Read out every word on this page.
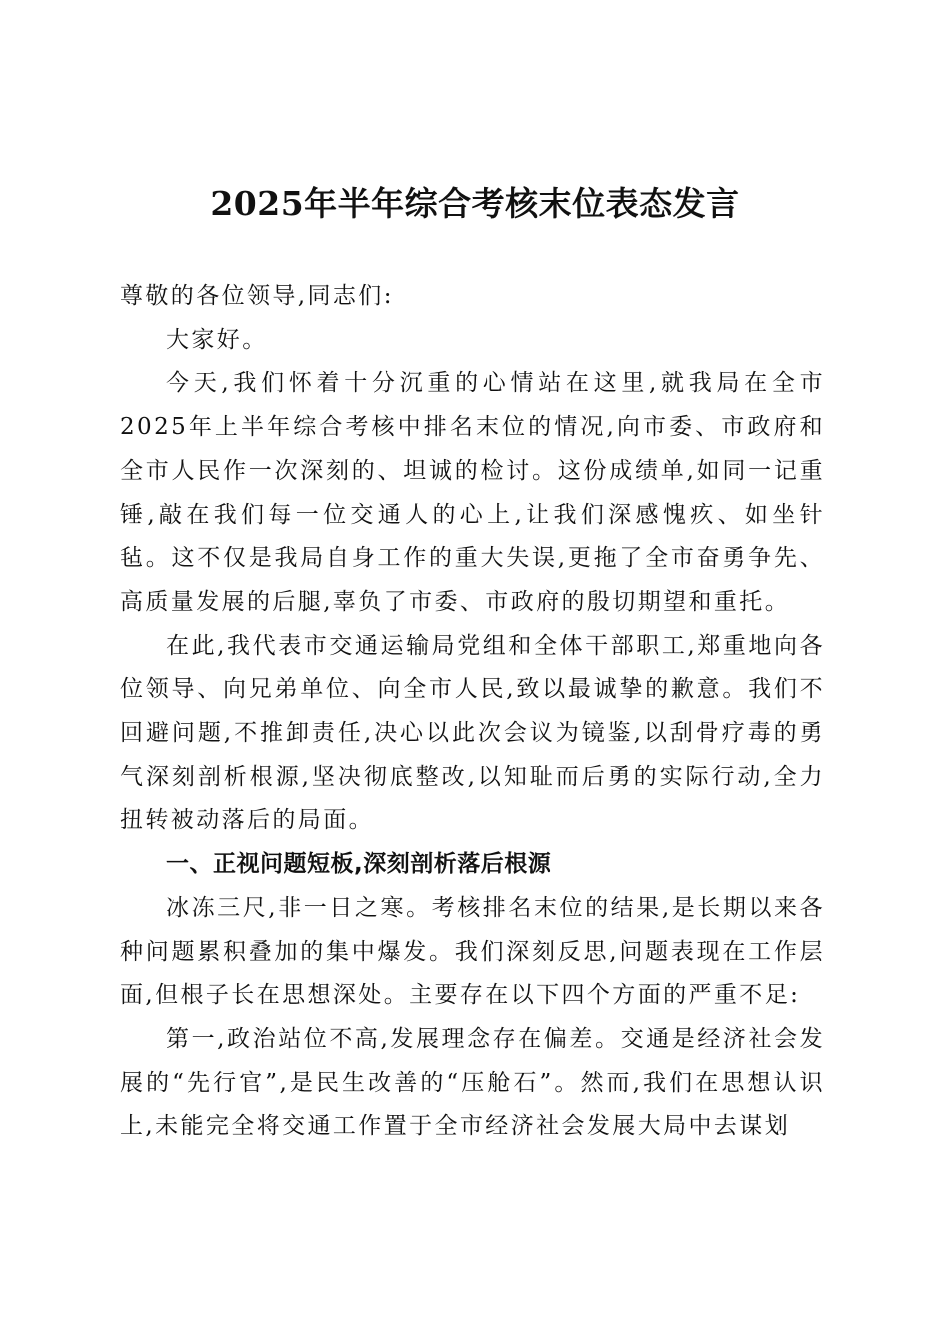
2025年半年综合考核末位表态发言

尊敬的各位领导,同志们:

大家好。

今天,我们怀着十分沉重的心情站在这里,就我局在全市2025年上半年综合考核中排名末位的情况,向市委、市政府和全市人民作一次深刻的、坦诚的检讨。这份成绩单,如同一记重锤,敲在我们每一位交通人的心上,让我们深感愧疚、如坐针毡。这不仅是我局自身工作的重大失误,更拖了全市奋勇争先、高质量发展的后腿,辜负了市委、市政府的殷切期望和重托。

在此,我代表市交通运输局党组和全体干部职工,郑重地向各位领导、向兄弟单位、向全市人民,致以最诚挚的歉意。我们不回避问题,不推卸责任,决心以此次会议为镜鉴,以刮骨疗毒的勇气深刻剖析根源,坚决彻底整改,以知耻而后勇的实际行动,全力扭转被动落后的局面。

一、正视问题短板,深刻剖析落后根源

冰冻三尺,非一日之寒。考核排名末位的结果,是长期以来各种问题累积叠加的集中爆发。我们深刻反思,问题表现在工作层面,但根子长在思想深处。主要存在以下四个方面的严重不足:

第一,政治站位不高,发展理念存在偏差。交通是经济社会发展的“先行官”,是民生改善的“压舱石”。然而,我们在思想认识上,未能完全将交通工作置于全市经济社会发展大局中去谋划
